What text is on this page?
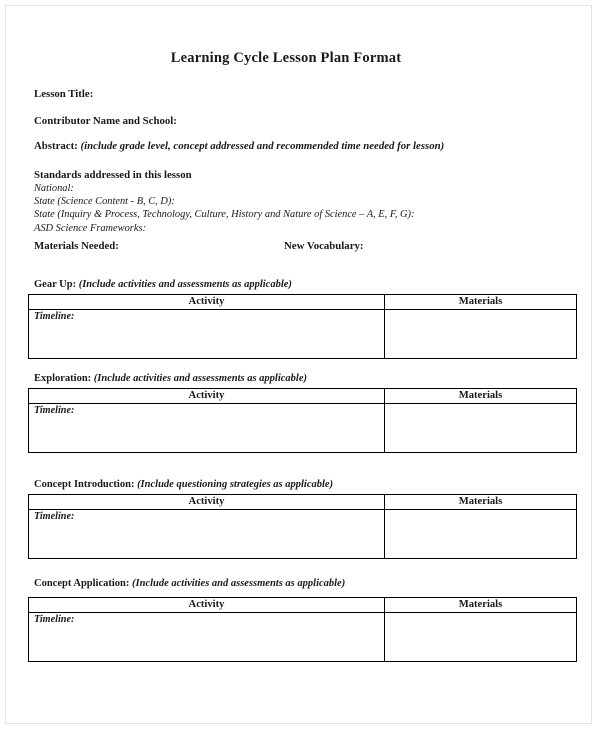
Learning Cycle Lesson Plan Format
Lesson Title:
Contributor Name and School:
Abstract: (include grade level, concept addressed and recommended time needed for lesson)
Standards addressed in this lesson
National:
State (Science Content - B, C, D):
State (Inquiry & Process, Technology, Culture, History and Nature of Science – A, E, F, G):
ASD Science Frameworks:
Materials Needed:	New Vocabulary:
Gear Up: (Include activities and assessments as applicable)
Activity	Materials

Timeline:	

Exploration: (Include activities and assessments as applicable)
Activity	Materials

Timeline:	

Concept Introduction: (Include questioning strategies as applicable)
Activity	Materials

Timeline:	

Concept Application: (Include activities and assessments as applicable)
Activity	Materials

Timeline:	
